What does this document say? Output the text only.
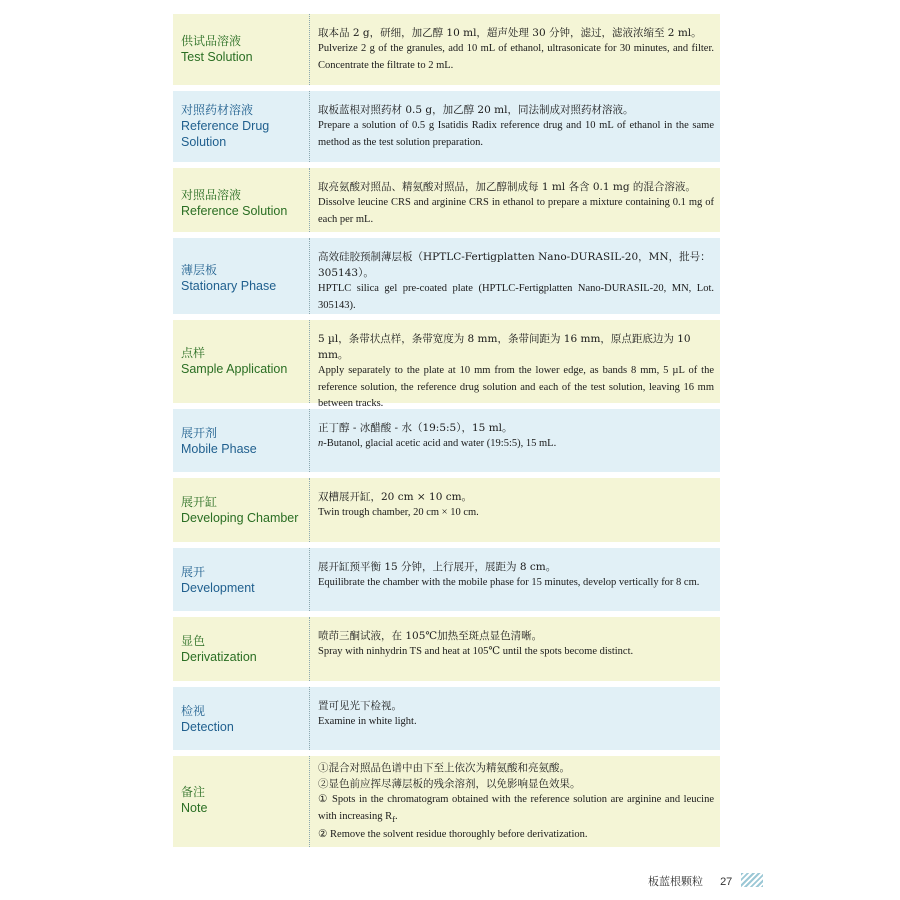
供试品溶液
Test Solution
取本品 2 g，研细，加乙醇 10 ml，超声处理 30 分钟，滤过，滤液浓缩至 2 ml。
Pulverize 2 g of the granules, add 10 mL of ethanol, ultrasonicate for 30 minutes, and filter. Concentrate the filtrate to 2 mL.
对照药材溶液
Reference Drug Solution
取板蓝根对照药材 0.5 g，加乙醇 20 ml，同法制成对照药材溶液。
Prepare a solution of 0.5 g Isatidis Radix reference drug and 10 mL of ethanol in the same method as the test solution preparation.
对照品溶液
Reference Solution
取亮氨酸对照品、精氨酸对照品，加乙醇制成每 1 ml 各含 0.1 mg 的混合溶液。
Dissolve leucine CRS and arginine CRS in ethanol to prepare a mixture containing 0.1 mg of each per mL.
薄层板
Stationary Phase
高效硅胶预制薄层板（HPTLC-Fertigplatten Nano-DURASIL-20，MN，批号：305143）。
HPTLC silica gel pre-coated plate (HPTLC-Fertigplatten Nano-DURASIL-20, MN, Lot. 305143).
点样
Sample Application
5 µl，条带状点样，条带宽度为 8 mm，条带间距为 16 mm，原点距底边为 10 mm。
Apply separately to the plate at 10 mm from the lower edge, as bands 8 mm, 5 µL of the reference solution, the reference drug solution and each of the test solution, leaving 16 mm between tracks.
展开剂
Mobile Phase
正丁醇 - 冰醋酸 - 水（19:5:5），15 ml。
n-Butanol, glacial acetic acid and water (19:5:5), 15 mL.
展开缸
Developing Chamber
双槽展开缸，20 cm × 10 cm。
Twin trough chamber, 20 cm × 10 cm.
展开
Development
展开缸预平衡 15 分钟，上行展开，展距为 8 cm。
Equilibrate the chamber with the mobile phase for 15 minutes, develop vertically for 8 cm.
显色
Derivatization
喷茚三酮试液，在 105℃加热至斑点显色清晰。
Spray with ninhydrin TS and heat at 105℃ until the spots become distinct.
检视
Detection
置可见光下检视。
Examine in white light.
备注
Note
①混合对照品色谱中由下至上依次为精氨酸和亮氨酸。
②显色前应挥尽薄层板的残余溶剂，以免影响显色效果。
① Spots in the chromatogram obtained with the reference solution are arginine and leucine with increasing $R_f$.
② Remove the solvent residue thoroughly before derivatization.
板蓝根颗粒 27
